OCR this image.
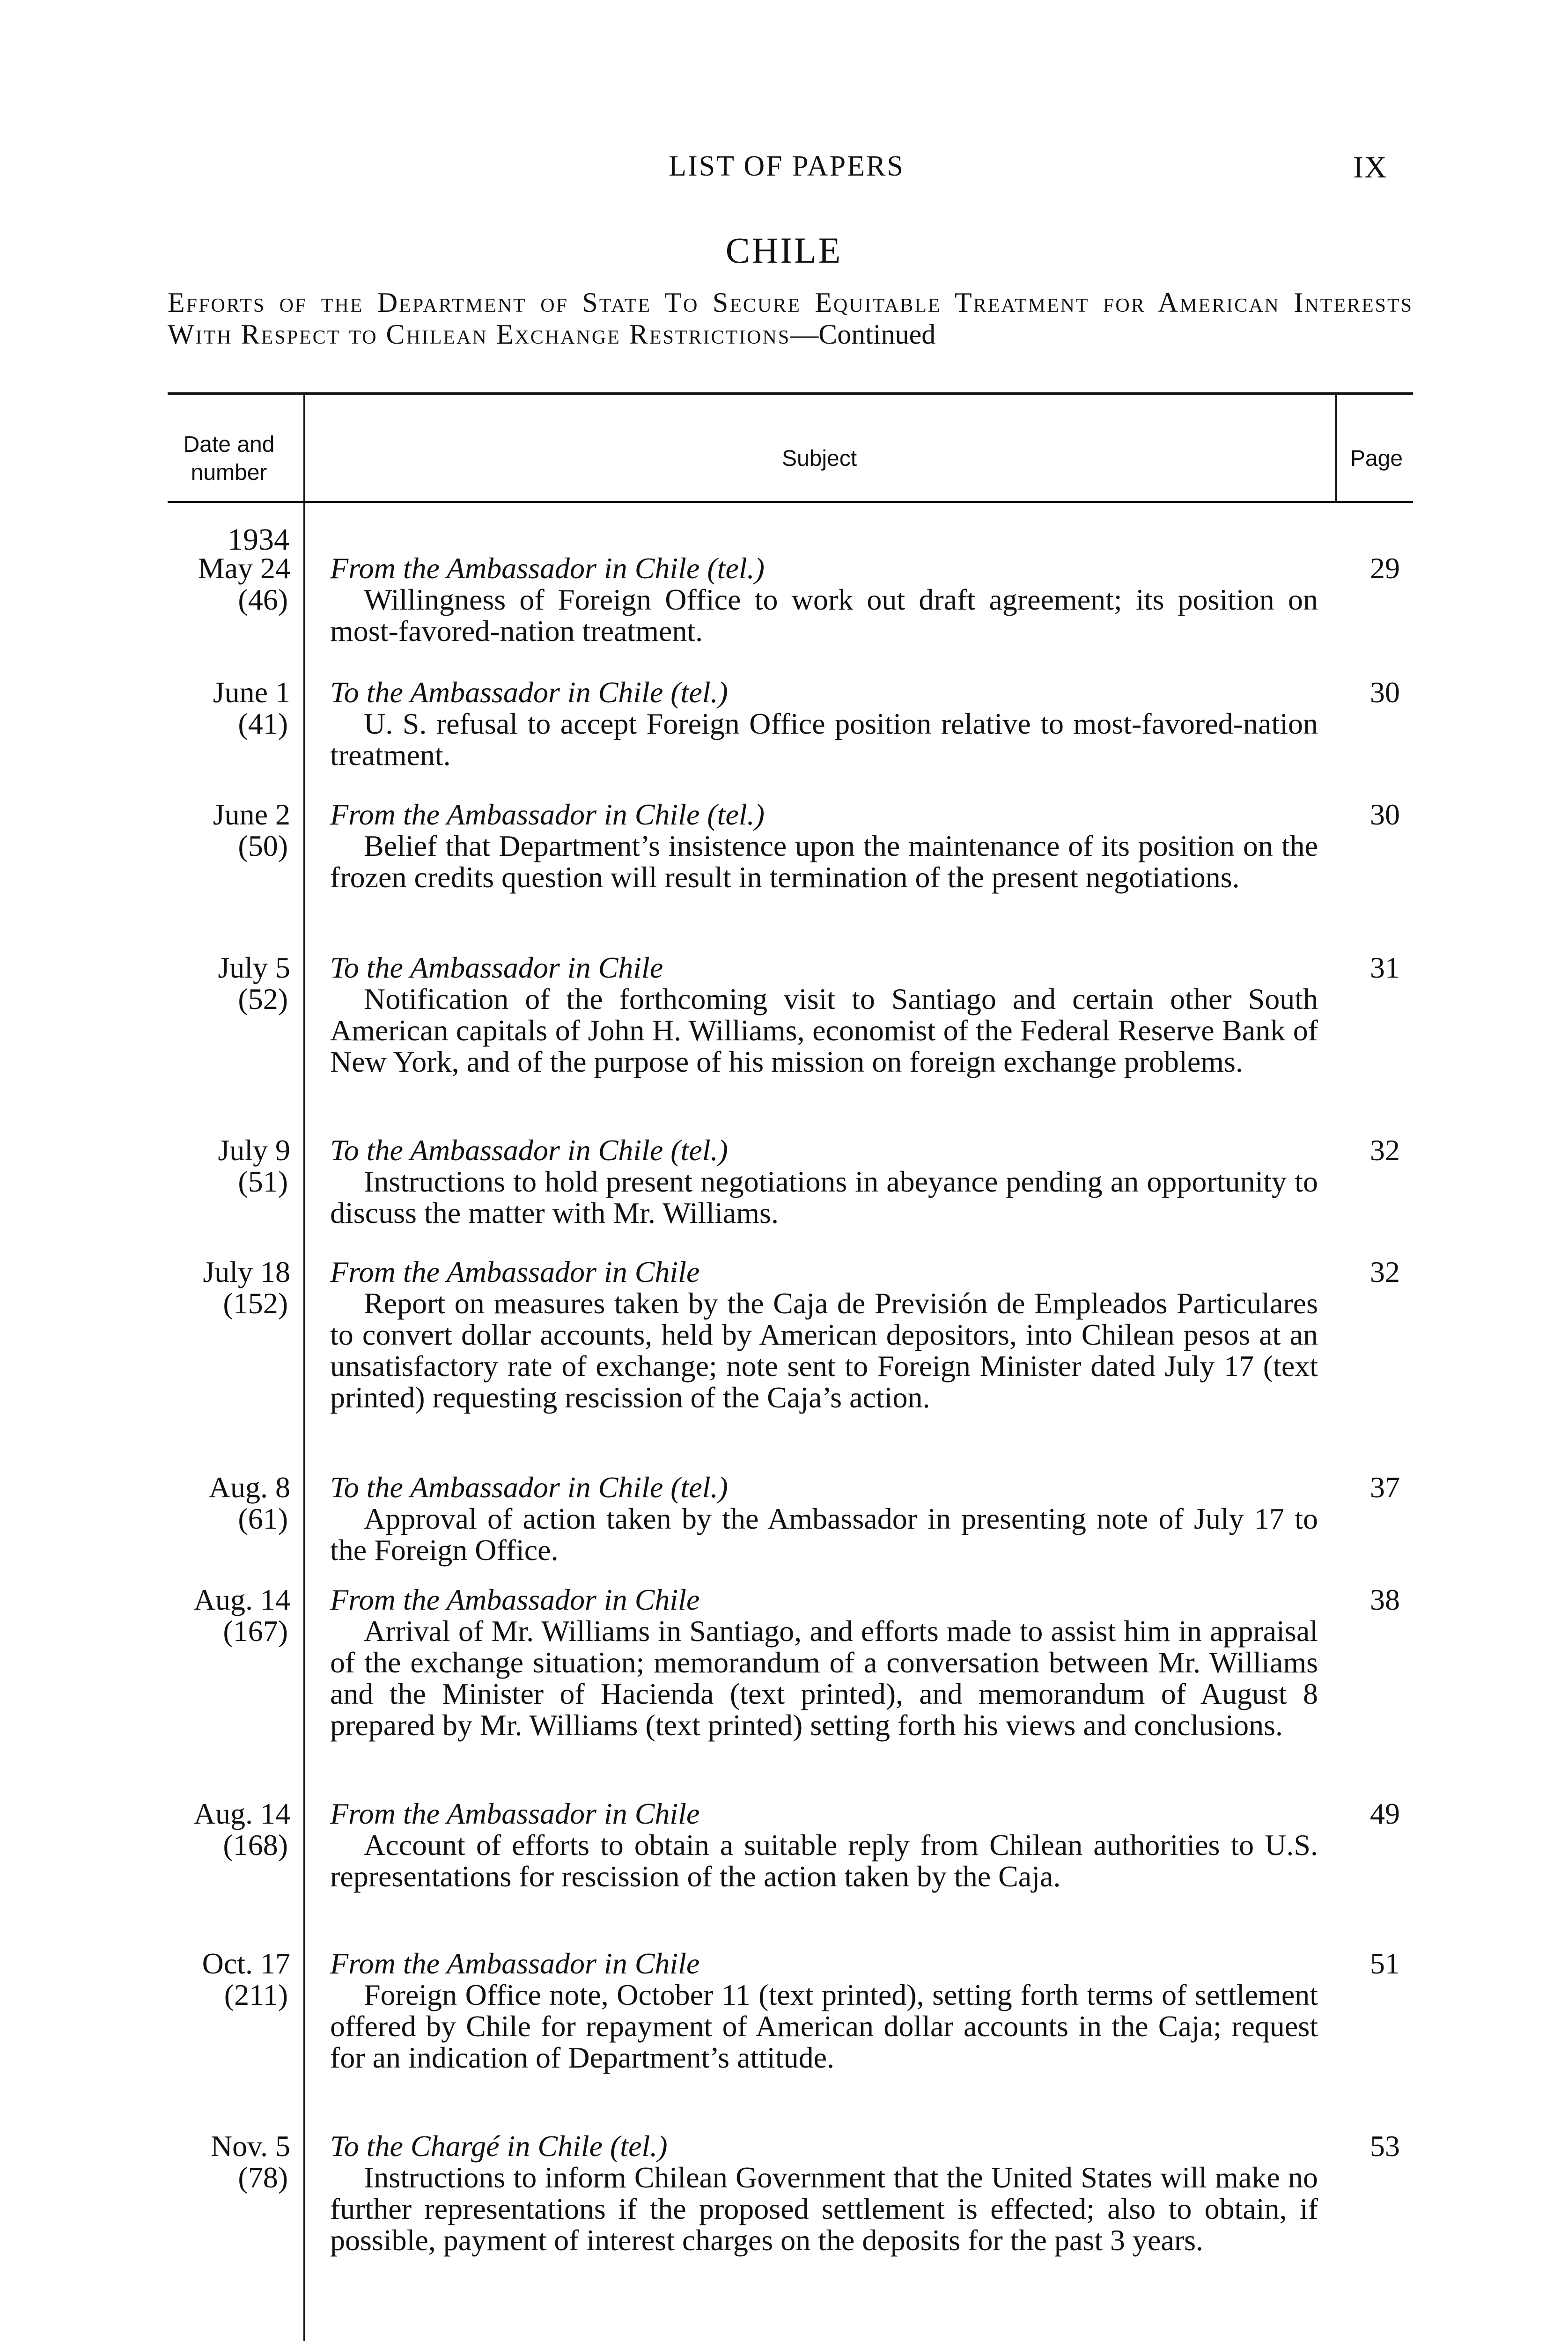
LIST OF PAPERS	IX
CHILE
Efforts of the Department of State To Secure Equitable Treatment for American Interests With Respect to Chilean Exchange Restrictions—Continued
Date and number
Subject	Page
1934
May 24
(46)
From the Ambassador in Chile (tel.)
Willingness of Foreign Office to work out draft agreement; its position on most-favored-nation treatment.
29
June 1
(41)
To the Ambassador in Chile (tel.)
U. S. refusal to accept Foreign Office position relative to most-favored-nation treatment.
30
June 2
(50)
From the Ambassador in Chile (tel.)
Belief that Department’s insistence upon the maintenance of its position on the frozen credits question will result in termination of the present negotiations.
30
July 5
(52)
To the Ambassador in Chile
Notification of the forthcoming visit to Santiago and certain other South American capitals of John H. Williams, economist of the Federal Reserve Bank of New York, and of the purpose of his mission on foreign exchange problems.
31
July 9
(51)
To the Ambassador in Chile (tel.)
Instructions to hold present negotiations in abeyance pending an opportunity to discuss the matter with Mr. Williams.
32
July 18
(152)
From the Ambassador in Chile
Report on measures taken by the Caja de Previsión de Empleados Particulares to convert dollar accounts, held by American depositors, into Chilean pesos at an unsatisfactory rate of exchange; note sent to Foreign Minister dated July 17 (text printed) requesting rescission of the Caja’s action.
32
Aug. 8
(61)
To the Ambassador in Chile (tel.)
Approval of action taken by the Ambassador in presenting note of July 17 to the Foreign Office.
37
Aug. 14
(167)
From the Ambassador in Chile
Arrival of Mr. Williams in Santiago, and efforts made to assist him in appraisal of the exchange situation; memorandum of a conversation between Mr. Williams and the Minister of Hacienda (text printed), and memorandum of August 8 prepared by Mr. Williams (text printed) setting forth his views and conclusions.
38
Aug. 14
(168)
From the Ambassador in Chile
Account of efforts to obtain a suitable reply from Chilean authorities to U.S. representations for rescission of the action taken by the Caja.
49
Oct. 17
(211)
From the Ambassador in Chile
Foreign Office note, October 11 (text printed), setting forth terms of settlement offered by Chile for repayment of American dollar accounts in the Caja; request for an indication of Department’s attitude.
51
Nov. 5
(78)
To the Chargé in Chile (tel.)
Instructions to inform Chilean Government that the United States will make no further representations if the proposed settlement is effected; also to obtain, if possible, payment of interest charges on the deposits for the past 3 years.
53
